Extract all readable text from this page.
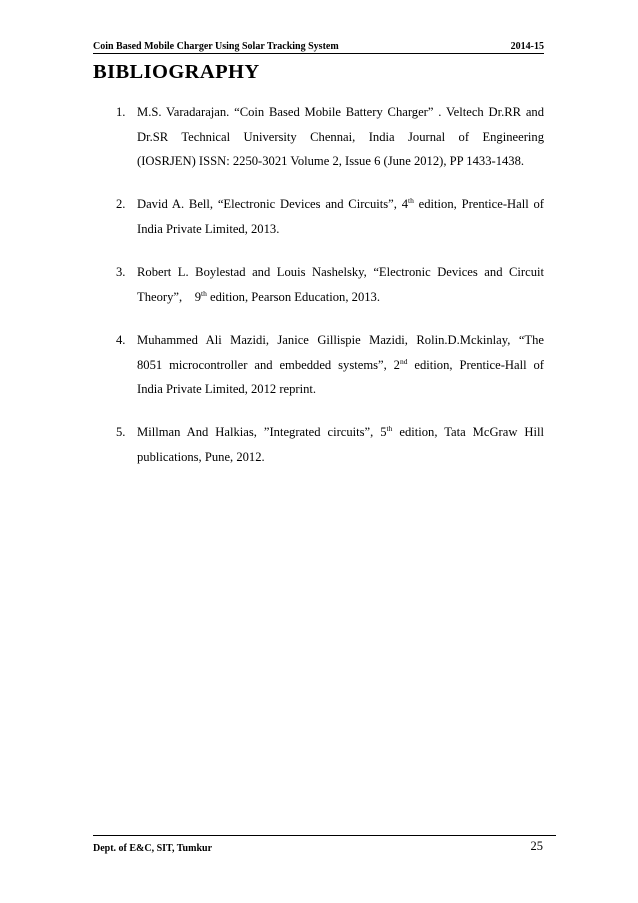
Coin Based Mobile Charger Using Solar Tracking System	2014-15
BIBLIOGRAPHY
1. M.S. Varadarajan. “Coin Based Mobile Battery Charger” . Veltech Dr.RR and
Dr.SR Technical University Chennai, India Journal of Engineering
(IOSRJEN) ISSN: 2250-3021 Volume 2, Issue 6 (June 2012), PP 1433-1438.
2. David A. Bell, “Electronic Devices and Circuits”, 4th edition, Prentice-Hall of
India Private Limited, 2013.
3. Robert L. Boylestad and Louis Nashelsky, “Electronic Devices and Circuit
Theory”,    9th edition, Pearson Education, 2013.
4. Muhammed Ali Mazidi, Janice Gillispie Mazidi, Rolin.D.Mckinlay, “The
8051 microcontroller and embedded systems”, 2nd edition, Prentice-Hall of
India Private Limited, 2012 reprint.
5. Millman And Halkias, ”Integrated circuits”, 5th edition, Tata McGraw Hill
publications, Pune, 2012.
Dept. of E&C, SIT, Tumkur	25
